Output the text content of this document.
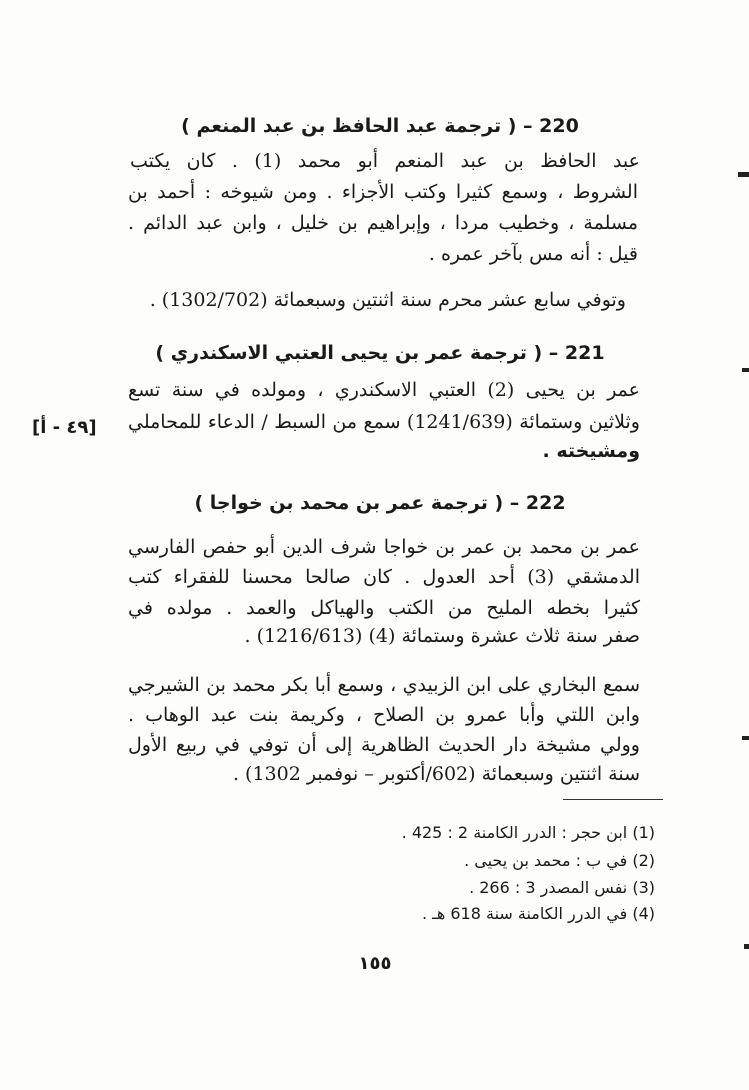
220 – ( ترجمة عبد الحافظ بن عبد المنعم )
عبد الحافظ بن عبد المنعم أبو محمد (1) . كان يكتب
الشروط ، وسمع كثيرا وكتب الأجزاء . ومن شيوخه : أحمد بن
مسلمة ، وخطيب مردا ، وإبراهيم بن خليل ، وابن عبد الدائم .
قيل : أنه مس بآخر عمره .
وتوفي سابع عشر محرم سنة اثنتين وسبعمائة (1302/702) .
221 – ( ترجمة عمر بن يحيى العتبي الاسكندري )
عمر بن يحيى (2) العتبي الاسكندري ، ومولده في سنة تسع
وثلاثين وستمائة (1241/639) سمع من السبط / الدعاء للمحاملي
ومشيخته .
[٤٩ - أ]
222 – ( ترجمة عمر بن محمد بن خواجا )
عمر بن محمد بن عمر بن خواجا شرف الدين أبو حفص الفارسي
الدمشقي (3) أحد العدول . كان صالحا محسنا للفقراء كتب
كثيرا بخطه المليح من الكتب والهياكل والعمد . مولده في
صفر سنة ثلاث عشرة وستمائة (4) (1216/613) .
سمع البخاري على ابن الزبيدي ، وسمع أبا بكر محمد بن الشيرجي
وابن اللتي وأبا عمرو بن الصلاح ، وكريمة بنت عبد الوهاب .
وولي مشيخة دار الحديث الظاهرية إلى أن توفي في ربيع الأول
سنة اثنتين وسبعمائة (602/أكتوبر – نوفمبر 1302) .
(1) ابن حجر : الدرر الكامنة 2 : 425 .
(2) في ب : محمد بن يحيى .
(3) نفس المصدر 3 : 266 .
(4) في الدرر الكامنة سنة 618 هـ .
١٥٥
